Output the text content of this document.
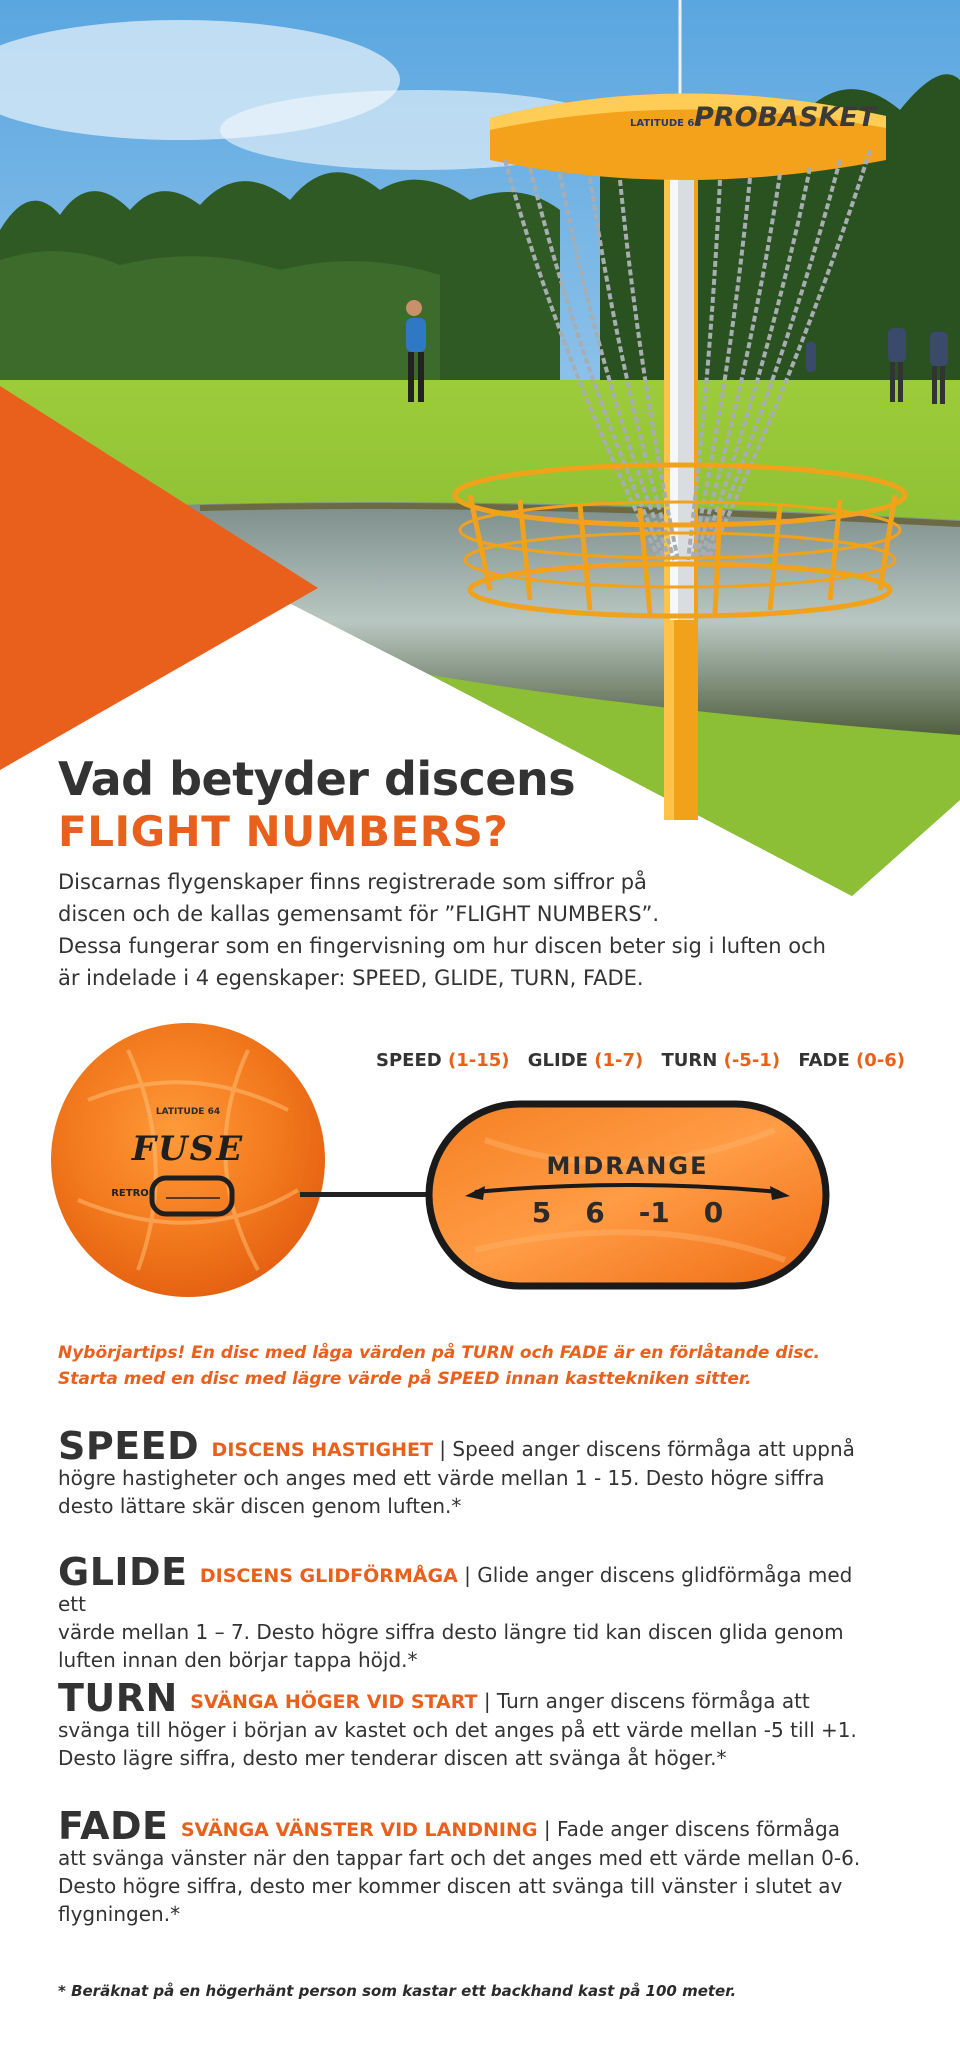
LATITUDE 64
PROBASKET
Vad betyder discens
FLIGHT NUMBERS?

Discarnas flygenskaper finns registrerade som siffror på

discen och de kallas gemensamt för ”FLIGHT NUMBERS”.

Dessa fungerar som en fingervisning om hur discen beter sig i luften och

är indelade i 4 egenskaper: SPEED, GLIDE, TURN, FADE.

SPEED (1-15) GLIDE (1-7) TURN (-5-1) FADE (0-6)
LATITUDE 64
FUSE
RETRO
MIDRANGE
5 6 -1 0
Nybörjartips! En disc med låga värden på TURN och FADE är en förlåtande disc.
Starta med en disc med lägre värde på SPEED innan kasttekniken sitter.
SPEED DISCENS HASTIGHET | Speed anger discens förmåga att uppnå
högre hastigheter och anges med ett värde mellan 1 - 15. Desto högre siffra
desto lättare skär discen genom luften.*
GLIDE DISCENS GLIDFÖRMÅGA | Glide anger discens glidförmåga med ett
värde mellan 1 – 7. Desto högre siffra desto längre tid kan discen glida genom
luften innan den börjar tappa höjd.*
TURN SVÄNGA HÖGER VID START | Turn anger discens förmåga att
svänga till höger i början av kastet och det anges på ett värde mellan -5 till +1.
Desto lägre siffra, desto mer tenderar discen att svänga åt höger.*
FADE SVÄNGA VÄNSTER VID LANDNING | Fade anger discens förmåga
att svänga vänster när den tappar fart och det anges med ett värde mellan 0-6.
Desto högre siffra, desto mer kommer discen att svänga till vänster i slutet av
flygningen.*
* Beräknat på en högerhänt person som kastar ett backhand kast på 100 meter.
